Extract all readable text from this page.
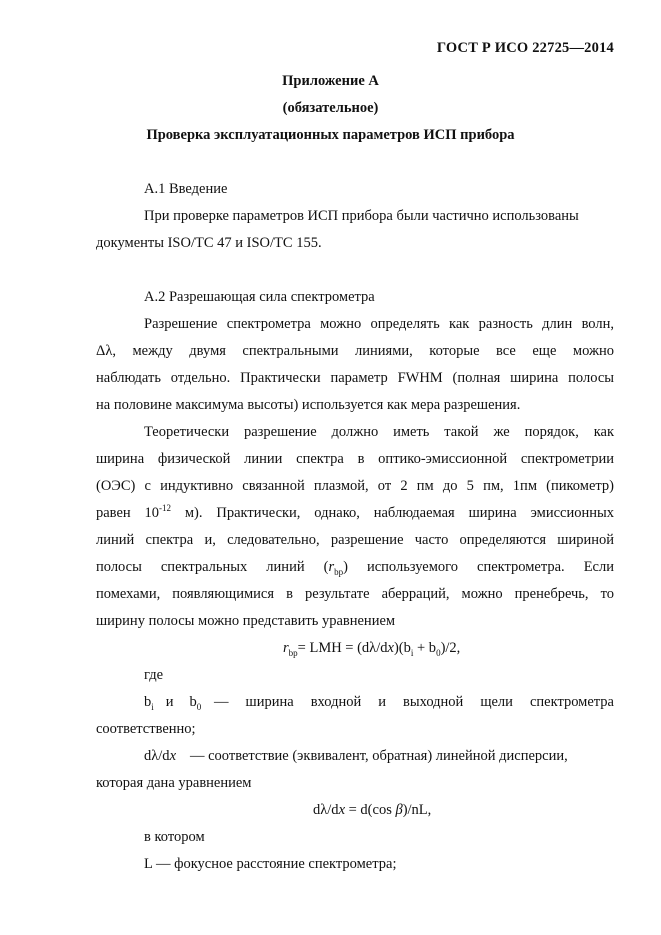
ГОСТ Р ИСО 22725—2014
Приложение А
(обязательное)
Проверка эксплуатационных параметров ИСП прибора
А.1 Введение
При проверке параметров ИСП прибора были частично использованы
документы ISO/TC 47 и ISO/TC 155.
А.2 Разрешающая сила спектрометра
Разрешение спектрометра можно определять как разность длин волн,
Δλ, между двумя спектральными линиями, которые все еще можно
наблюдать отдельно. Практически параметр FWHM (полная ширина полосы
на половине максимума высоты) используется как мера разрешения.
Теоретически разрешение должно иметь такой же порядок, как
ширина физической линии спектра в оптико-эмиссионной спектрометрии
(ОЭС) с индуктивно связанной плазмой, от 2 пм до 5 пм, 1пм (пикометр)
равен $10^{-12}$ м). Практически, однако, наблюдаемая ширина эмиссионных
линий спектра и, следовательно, разрешение часто определяются шириной
полосы спектральных линий $(r_{bp})$ используемого спектрометра. Если
помехами, появляющимися в результате аберраций, можно пренебречь, то
ширину полосы можно представить уравнением
$r_{bp}=$ LMH = $(d\lambda/dx)(b_i + b_0)/2$,
где
$b_i$ и $b_0$ — ширина входной и выходной щели спектрометра
соответственно;
dλ/dx — соответствие (эквивалент, обратная) линейной дисперсии,
которая дана уравнением
dλ/dx = d(cos β)/nL,
в котором
L — фокусное расстояние спектрометра;
